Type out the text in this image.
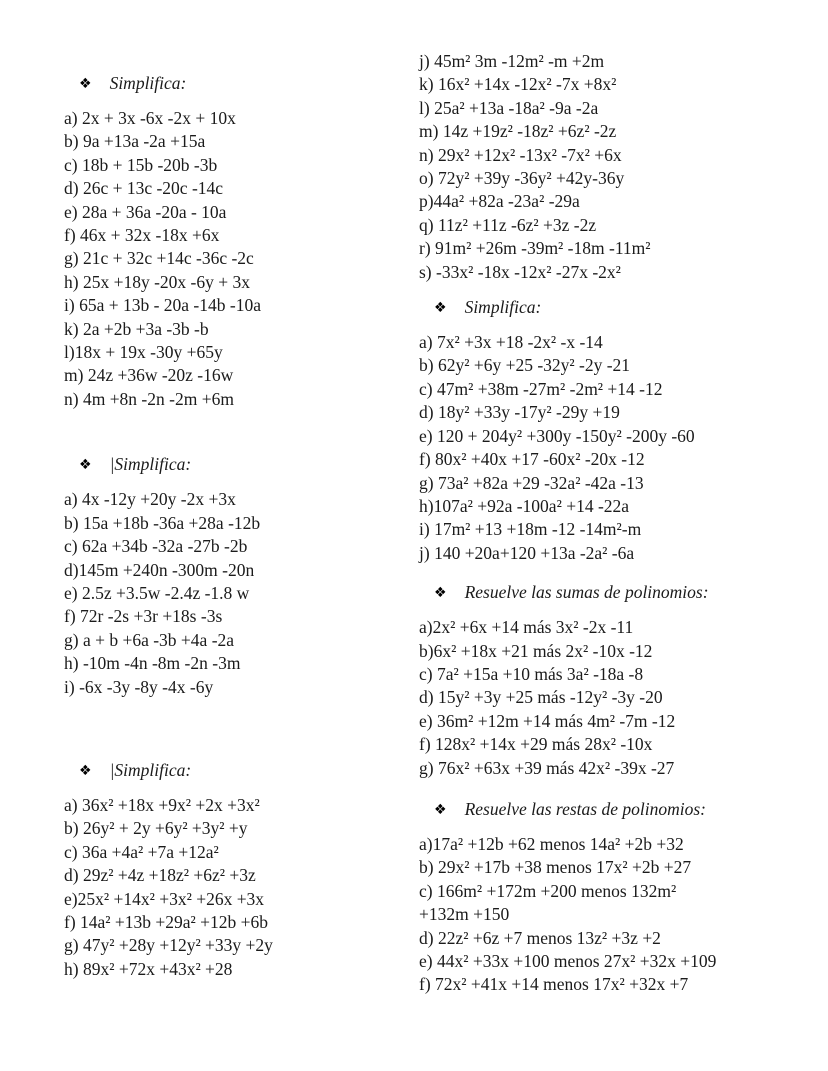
❖ Simplifica:
a) 2x + 3x -6x -2x + 10x
b) 9a +13a -2a +15a
c) 18b + 15b -20b -3b
d) 26c + 13c -20c -14c
e) 28a + 36a -20a - 10a
f) 46x + 32x -18x +6x
g) 21c + 32c +14c -36c -2c
h) 25x +18y -20x -6y + 3x
i) 65a + 13b - 20a -14b -10a
k) 2a +2b +3a -3b -b
l)18x + 19x -30y +65y
m) 24z +36w -20z -16w
n) 4m +8n -2n -2m +6m
❖ |Simplifica:
a) 4x -12y +20y -2x +3x
b) 15a +18b -36a +28a -12b
c) 62a +34b -32a -27b -2b
d)145m +240n -300m -20n
e) 2.5z +3.5w -2.4z -1.8 w
f) 72r -2s +3r +18s -3s
g) a + b +6a -3b +4a -2a
h) -10m -4n -8m -2n -3m
i) -6x -3y -8y -4x -6y
❖ |Simplifica:
a) 36x² +18x +9x² +2x +3x²
b) 26y² + 2y +6y² +3y² +y
c) 36a +4a² +7a +12a²
d) 29z² +4z +18z² +6z² +3z
e)25x² +14x² +3x² +26x +3x
f) 14a² +13b +29a² +12b +6b
g) 47y² +28y +12y² +33y +2y
h) 89x² +72x +43x² +28
j) 45m² 3m -12m² -m +2m
k) 16x² +14x -12x² -7x +8x²
l) 25a² +13a -18a² -9a -2a
m) 14z +19z² -18z² +6z² -2z
n) 29x² +12x² -13x² -7x² +6x
o) 72y² +39y -36y² +42y-36y
p)44a² +82a -23a² -29a
q) 11z² +11z -6z² +3z -2z
r) 91m² +26m -39m² -18m -11m²
s) -33x² -18x -12x² -27x -2x²
❖ Simplifica:
a) 7x² +3x +18 -2x² -x -14
b) 62y² +6y +25 -32y² -2y -21
c) 47m² +38m -27m² -2m² +14 -12
d) 18y² +33y -17y² -29y +19
e) 120 + 204y² +300y -150y² -200y -60
f) 80x² +40x +17 -60x² -20x -12
g) 73a² +82a +29 -32a² -42a -13
h)107a² +92a -100a² +14 -22a
i) 17m² +13 +18m -12 -14m²-m
j) 140 +20a+120 +13a -2a² -6a
❖ Resuelve las sumas de polinomios:
a)2x² +6x +14 más 3x² -2x -11
b)6x² +18x +21 más 2x² -10x -12
c) 7a² +15a +10 más 3a² -18a -8
d) 15y² +3y +25 más -12y² -3y -20
e) 36m² +12m +14 más 4m² -7m -12
f) 128x² +14x +29 más 28x² -10x
g) 76x² +63x +39 más 42x² -39x -27
❖ Resuelve las restas de polinomios:
a)17a² +12b +62 menos 14a² +2b +32
b) 29x² +17b +38 menos 17x² +2b +27
c) 166m² +172m +200 menos 132m²
+132m +150
d) 22z² +6z +7 menos 13z² +3z +2
e) 44x² +33x +100 menos 27x² +32x +109
f) 72x² +41x +14 menos 17x² +32x +7
